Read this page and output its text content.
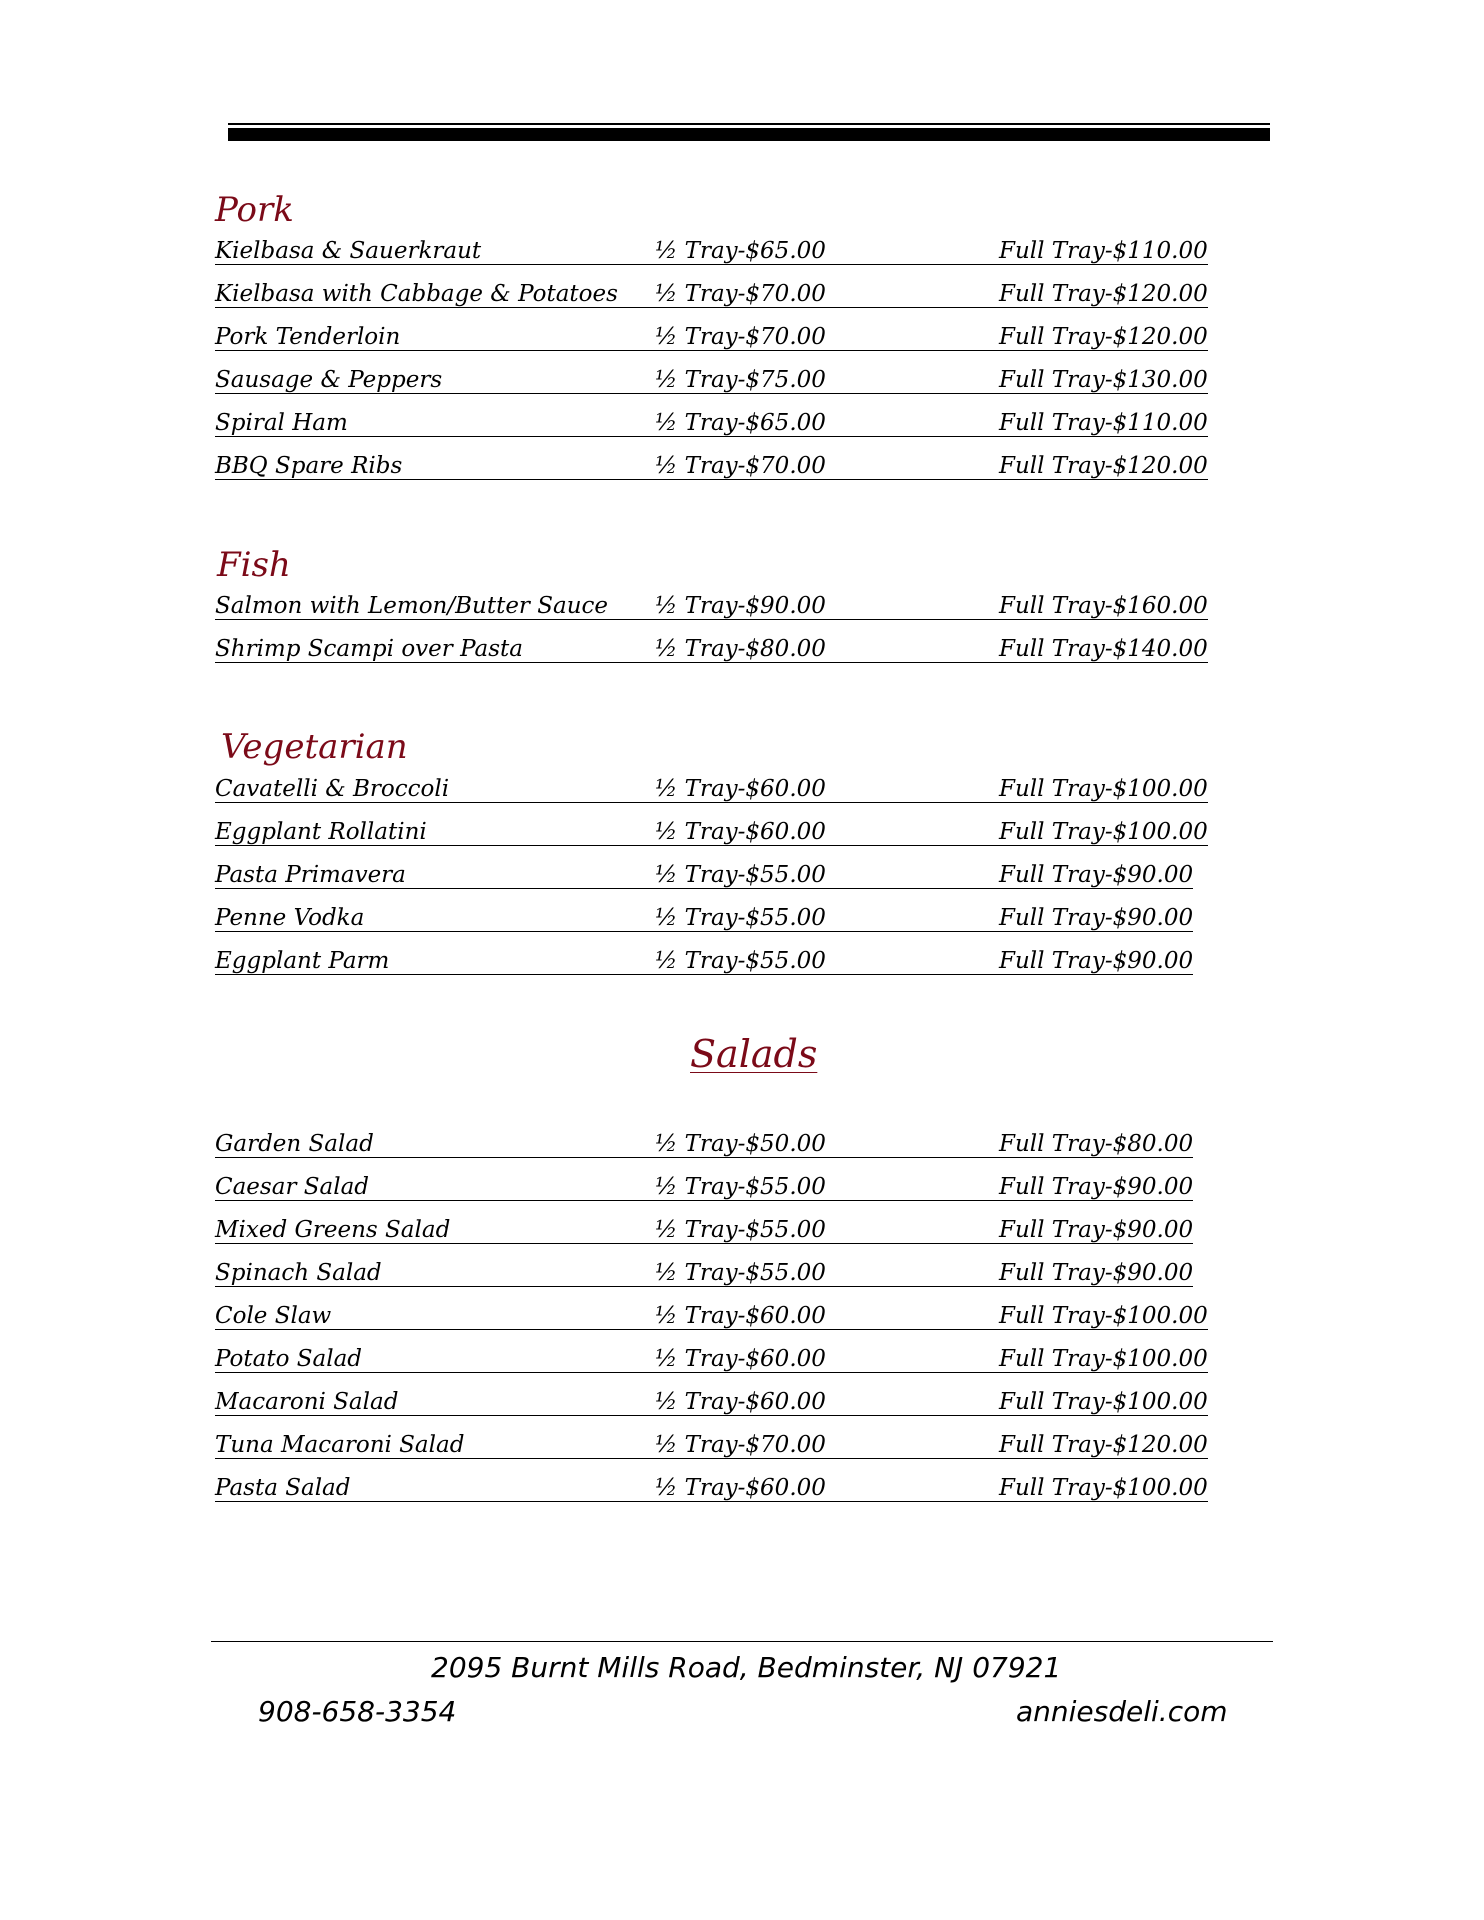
Pork
Kielbasa & Sauerkraut	½ Tray-$65.00	Full Tray-$110.00
Kielbasa with Cabbage & Potatoes	½ Tray-$70.00	Full Tray-$120.00
Pork Tenderloin	½ Tray-$70.00	Full Tray-$120.00
Sausage & Peppers	½ Tray-$75.00	Full Tray-$130.00
Spiral Ham	½ Tray-$65.00	Full Tray-$110.00
BBQ Spare Ribs	½ Tray-$70.00	Full Tray-$120.00
Fish
Salmon with Lemon/Butter Sauce	½ Tray-$90.00	Full Tray-$160.00
Shrimp Scampi over Pasta	½ Tray-$80.00	Full Tray-$140.00
Vegetarian
Cavatelli & Broccoli	½ Tray-$60.00	Full Tray-$100.00
Eggplant Rollatini	½ Tray-$60.00	Full Tray-$100.00
Pasta Primavera	½ Tray-$55.00	Full Tray-$90.00
Penne Vodka	½ Tray-$55.00	Full Tray-$90.00
Eggplant Parm	½ Tray-$55.00	Full Tray-$90.00
Salads
Garden Salad	½ Tray-$50.00	Full Tray-$80.00
Caesar Salad	½ Tray-$55.00	Full Tray-$90.00
Mixed Greens Salad	½ Tray-$55.00	Full Tray-$90.00
Spinach Salad	½ Tray-$55.00	Full Tray-$90.00
Cole Slaw	½ Tray-$60.00	Full Tray-$100.00
Potato Salad	½ Tray-$60.00	Full Tray-$100.00
Macaroni Salad	½ Tray-$60.00	Full Tray-$100.00
Tuna Macaroni Salad	½ Tray-$70.00	Full Tray-$120.00
Pasta Salad	½ Tray-$60.00	Full Tray-$100.00
2095 Burnt Mills Road, Bedminster, NJ 07921
908-658-3354	anniesdeli.com
